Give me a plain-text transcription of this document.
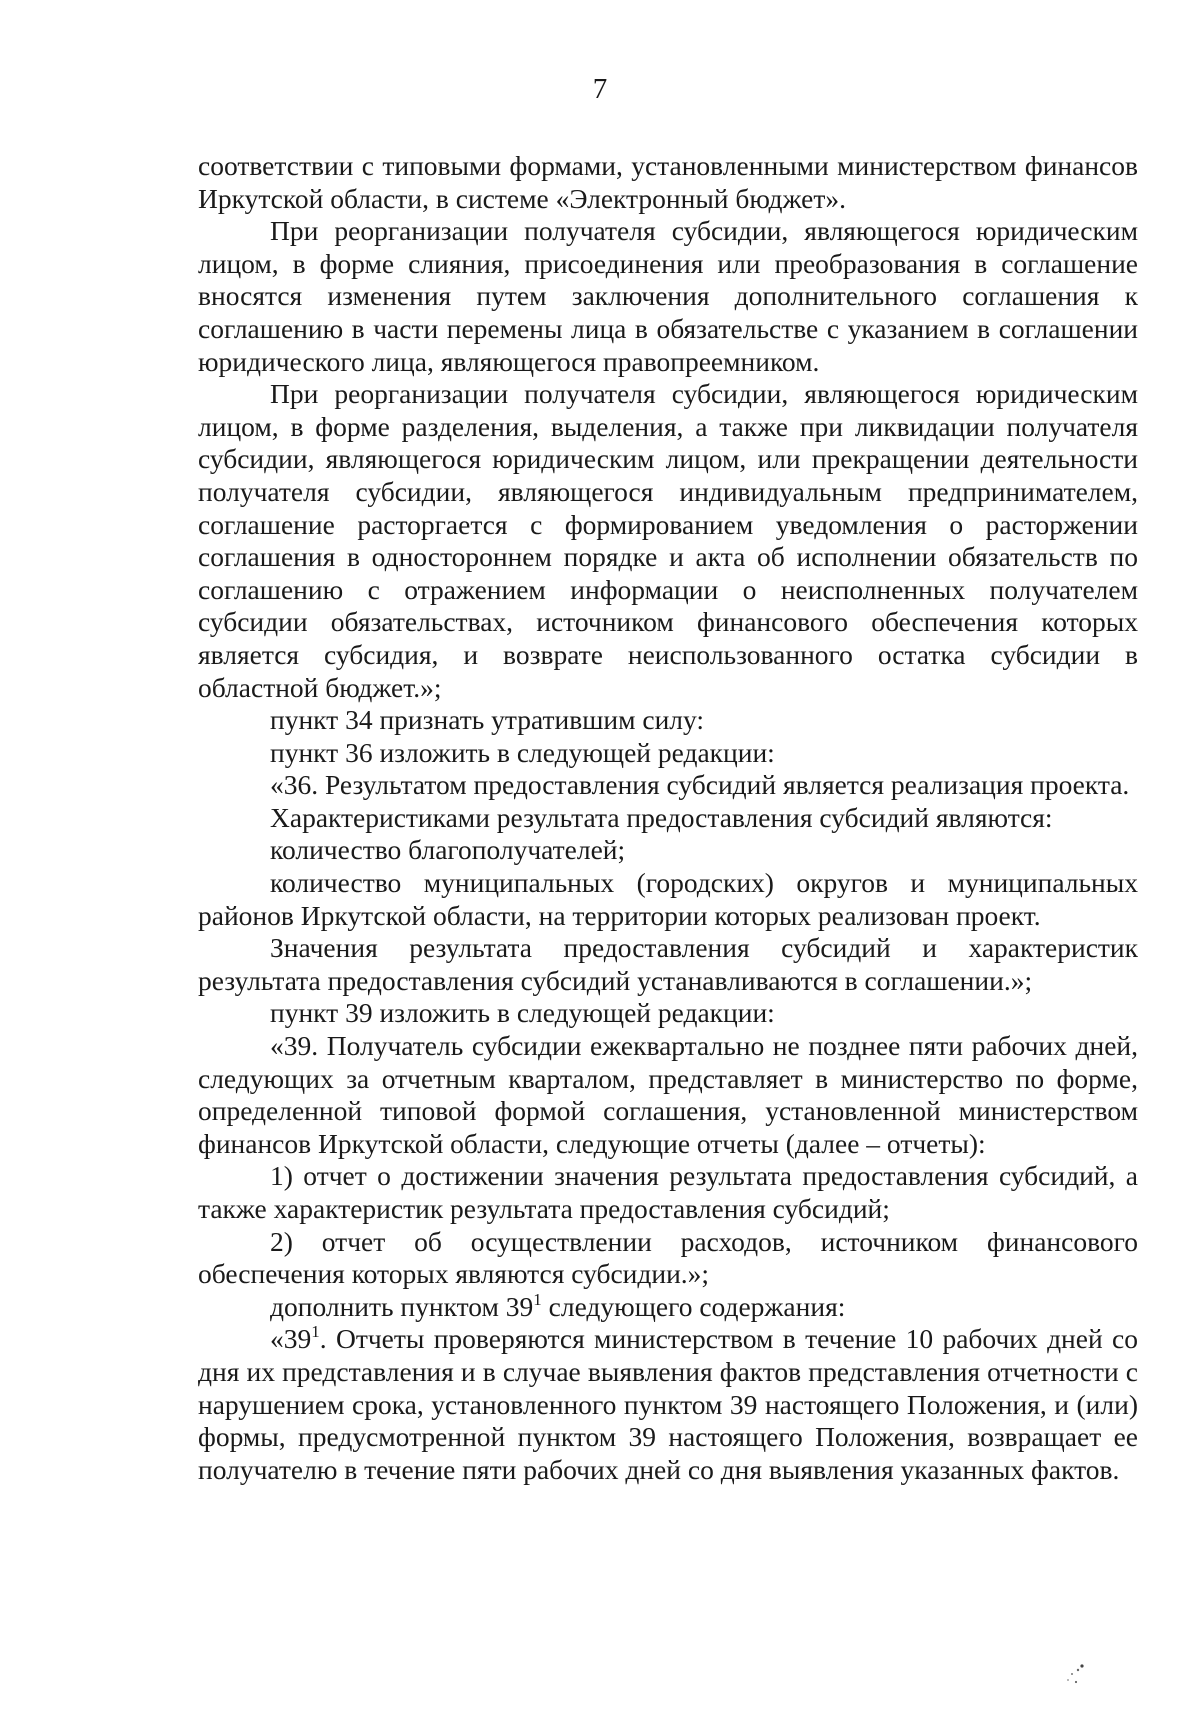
7

соответствии с типовыми формами, установленными министерством финансов Иркутской области, в системе «Электронный бюджет».

При реорганизации получателя субсидии, являющегося юридическим лицом, в форме слияния, присоединения или преобразования в соглашение вносятся изменения путем заключения дополнительного соглашения к соглашению в части перемены лица в обязательстве с указанием в соглашении юридического лица, являющегося правопреемником.

При реорганизации получателя субсидии, являющегося юридическим лицом, в форме разделения, выделения, а также при ликвидации получателя субсидии, являющегося юридическим лицом, или прекращении деятельности получателя субсидии, являющегося индивидуальным предпринимателем, соглашение расторгается с формированием уведомления о расторжении соглашения в одностороннем порядке и акта об исполнении обязательств по соглашению с отражением информации о неисполненных получателем субсидии обязательствах, источником финансового обеспечения которых является субсидия, и возврате неиспользованного остатка субсидии в областной бюджет.»;

пункт 34 признать утратившим силу:

пункт 36 изложить в следующей редакции:

«36. Результатом предоставления субсидий является реализация проекта.

Характеристиками результата предоставления субсидий являются:

количество благополучателей;

количество муниципальных (городских) округов и муниципальных районов Иркутской области, на территории которых реализован проект.

Значения результата предоставления субсидий и характеристик результата предоставления субсидий устанавливаются в соглашении.»;

пункт 39 изложить в следующей редакции:

«39. Получатель субсидии ежеквартально не позднее пяти рабочих дней, следующих за отчетным кварталом, представляет в министерство по форме, определенной типовой формой соглашения, установленной министерством финансов Иркутской области, следующие отчеты (далее – отчеты):

1) отчет о достижении значения результата предоставления субсидий, а также характеристик результата предоставления субсидий;

2) отчет об осуществлении расходов, источником финансового обеспечения которых являются субсидии.»;

дополнить пунктом $39^1$ следующего содержания:

«$39^1$. Отчеты проверяются министерством в течение 10 рабочих дней со дня их представления и в случае выявления фактов представления отчетности с нарушением срока, установленного пунктом 39 настоящего Положения, и (или) формы, предусмотренной пунктом 39 настоящего Положения, возвращает ее получателю в течение пяти рабочих дней со дня выявления указанных фактов.
